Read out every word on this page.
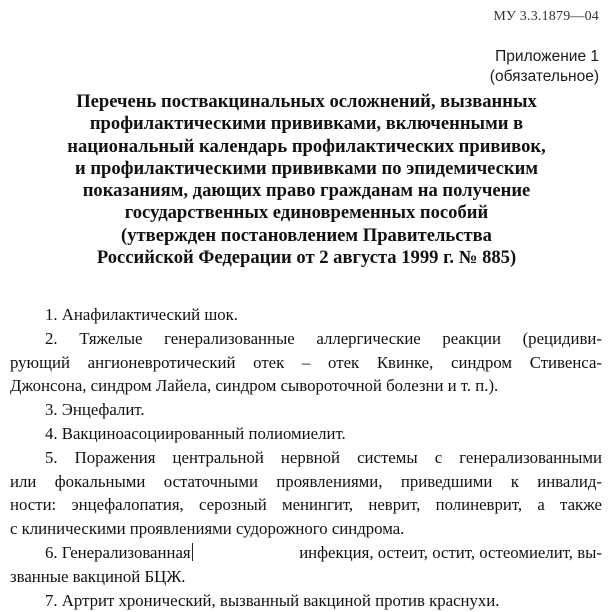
МУ 3.3.1879—04
Приложение 1
(обязательное)
Перечень поствакцинальных осложнений, вызванных
профилактическими прививками, включенными в
национальный календарь профилактических прививок,
и профилактическими прививками по эпидемическим
показаниям, дающих право гражданам на получение
государственных единовременных пособий
(утвержден постановлением Правительства
Российской Федерации от 2 августа 1999 г. № 885)
1. Анафилактический шок.
2. Тяжелые генерализованные аллергические реакции (рецидиви-
рующий ангионевротический отек – отек Квинке, синдром Стивенса-
Джонсона, синдром Лайела, синдром сывороточной болезни и т. п.).
3. Энцефалит.
4. Вакциноасоциированный полиомиелит.
5. Поражения центральной нервной системы с генерализованными
или фокальными остаточными проявлениями, приведшими к инвалид-
ности: энцефалопатия, серозный менингит, неврит, полиневрит, а также
с клиническими проявлениями судорожного синдрома.
6. Генерализованная	инфекция, остеит, остит, остеомиелит, вы-
званные вакциной БЦЖ.
7. Артрит хронический, вызванный вакциной против краснухи.
